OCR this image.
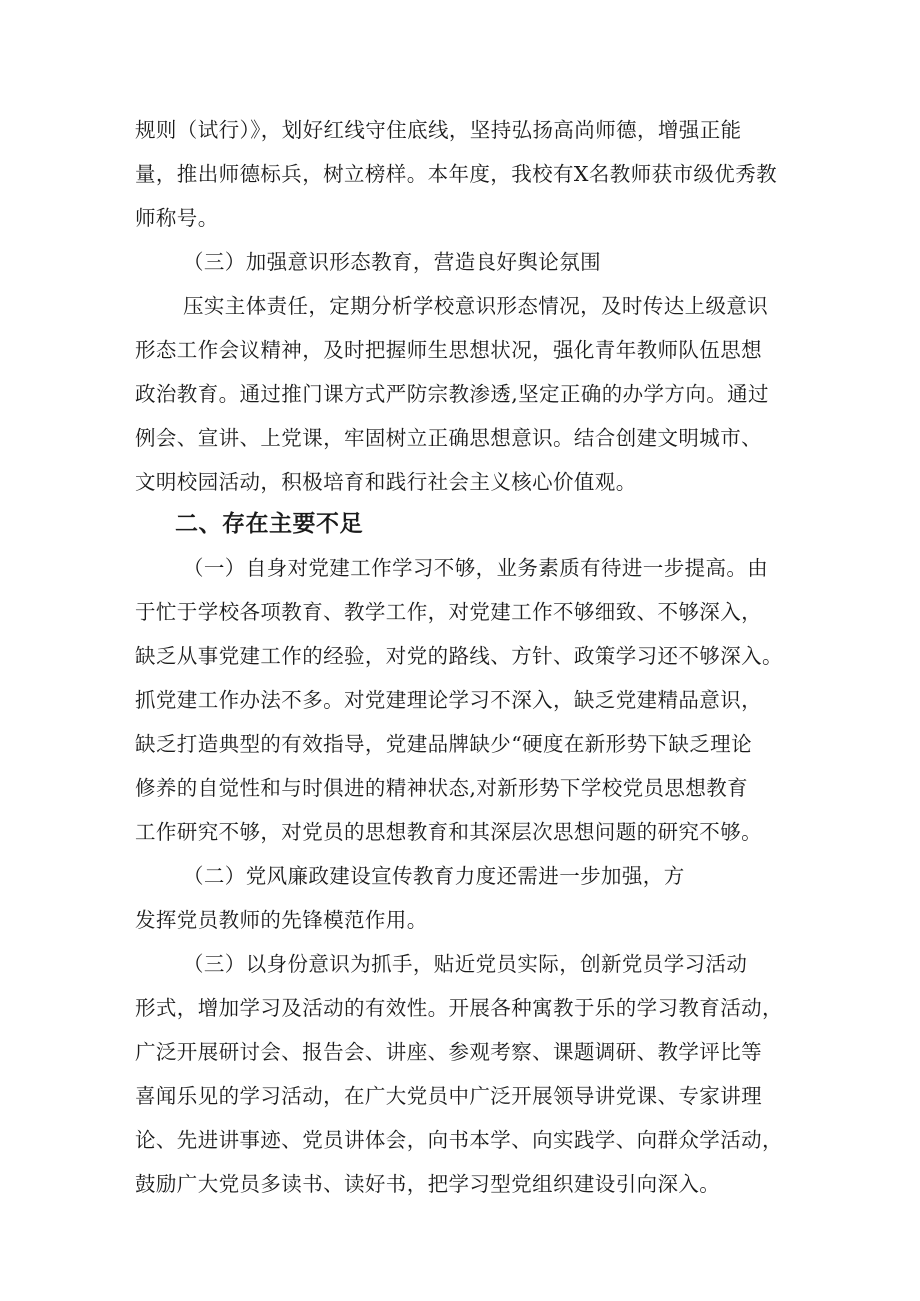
规则（试行）》，划好红线守住底线，坚持弘扬高尚师德，增强正能
量，推出师德标兵，树立榜样。本年度，我校有X名教师获市级优秀教
师称号。
（三）加强意识形态教育，营造良好舆论氛围
压实主体责任，定期分析学校意识形态情况，及时传达上级意识
形态工作会议精神，及时把握师生思想状况，强化青年教师队伍思想
政治教育。通过推门课方式严防宗教渗透,坚定正确的办学方向。通过
例会、宣讲、上党课，牢固树立正确思想意识。结合创建文明城市、
文明校园活动，积极培育和践行社会主义核心价值观。
二、存在主要不足
（一）自身对党建工作学习不够，业务素质有待进一步提高。由
于忙于学校各项教育、教学工作，对党建工作不够细致、不够深入，
缺乏从事党建工作的经验，对党的路线、方针、政策学习还不够深入。
抓党建工作办法不多。对党建理论学习不深入，缺乏党建精品意识，
缺乏打造典型的有效指导，党建品牌缺少“硬度在新形势下缺乏理论
修养的自觉性和与时俱进的精神状态,对新形势下学校党员思想教育
工作研究不够，对党员的思想教育和其深层次思想问题的研究不够。
（二）党风廉政建设宣传教育力度还需进一步加强，方
发挥党员教师的先锋模范作用。
（三）以身份意识为抓手，贴近党员实际，创新党员学习活动
形式，增加学习及活动的有效性。开展各种寓教于乐的学习教育活动，
广泛开展研讨会、报告会、讲座、参观考察、课题调研、教学评比等
喜闻乐见的学习活动，在广大党员中广泛开展领导讲党课、专家讲理
论、先进讲事迹、党员讲体会，向书本学、向实践学、向群众学活动，
鼓励广大党员多读书、读好书，把学习型党组织建设引向深入。
